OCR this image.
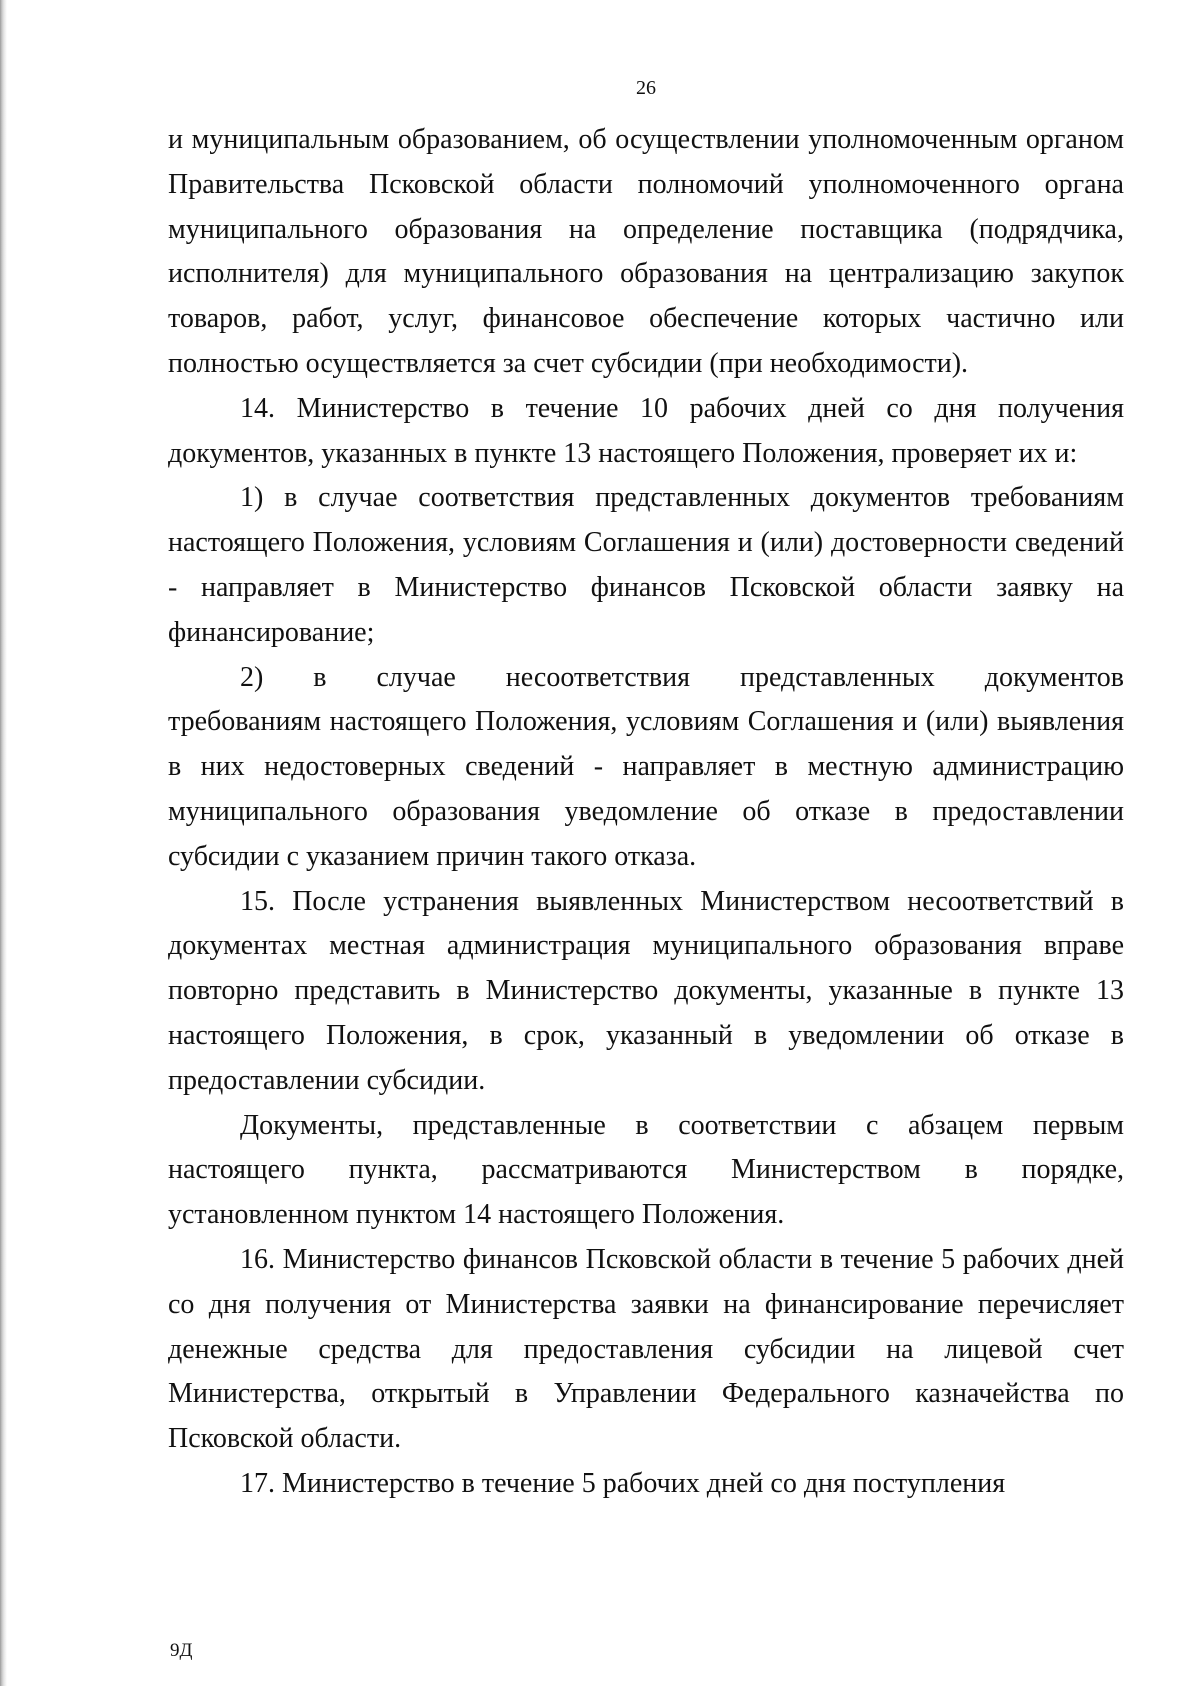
26

и муниципальным образованием, об осуществлении уполномоченным органом Правительства Псковской области полномочий уполномоченного органа муниципального образования на определение поставщика (подрядчика, исполнителя) для муниципального образования на централизацию закупок товаров, работ, услуг, финансовое обеспечение которых частично или полностью осуществляется за счет субсидии (при необходимости).

14. Министерство в течение 10 рабочих дней со дня получения документов, указанных в пункте 13 настоящего Положения, проверяет их и:

1) в случае соответствия представленных документов требованиям настоящего Положения, условиям Соглашения и (или) достоверности сведений - направляет в Министерство финансов Псковской области заявку на финансирование;

2) в случае несоответствия представленных документов требованиям настоящего Положения, условиям Соглашения и (или) выявления в них недостоверных сведений - направляет в местную администрацию муниципального образования уведомление об отказе в предоставлении субсидии с указанием причин такого отказа.

15. После устранения выявленных Министерством несоответствий в документах местная администрация муниципального образования вправе повторно представить в Министерство документы, указанные в пункте 13 настоящего Положения, в срок, указанный в уведомлении об отказе в предоставлении субсидии.

Документы, представленные в соответствии с абзацем первым настоящего пункта, рассматриваются Министерством в порядке, установленном пунктом 14 настоящего Положения.

16. Министерство финансов Псковской области в течение 5 рабочих дней со дня получения от Министерства заявки на финансирование перечисляет денежные средства для предоставления субсидии на лицевой счет Министерства, открытый в Управлении Федерального казначейства по Псковской области.

17. Министерство в течение 5 рабочих дней со дня поступления

9Д
